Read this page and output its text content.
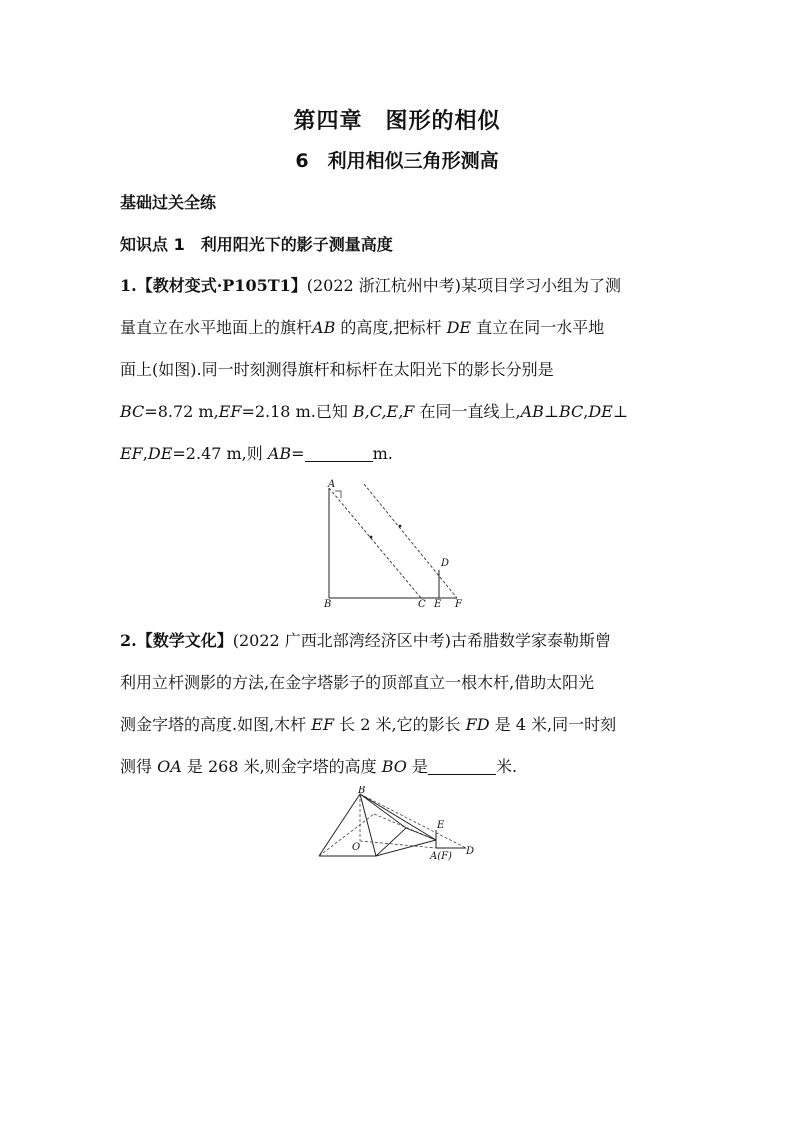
第四章　图形的相似
6　利用相似三角形测高
基础过关全练
知识点 1　利用阳光下的影子测量高度
1.【教材变式·P105T1】(2022 浙江杭州中考)某项目学习小组为了测
量直立在水平地面上的旗杆AB 的高度,把标杆 DE 直立在同一水平地
面上(如图).同一时刻测得旗杆和标杆在太阳光下的影长分别是
BC=8.72 m,EF=2.18 m.已知 B,C,E,F 在同一直线上,AB⊥BC,DE⊥
EF,DE=2.47 m,则 AB=	m.
A
B	C
D
E F
2.【数学文化】(2022 广西北部湾经济区中考)古希腊数学家泰勒斯曾
利用立杆测影的方法,在金字塔影子的顶部直立一根木杆,借助太阳光
测金字塔的高度.如图,木杆 EF 长 2 米,它的影长 FD 是 4 米,同一时刻
测得 OA 是 268 米,则金字塔的高度 BO 是	米.
B
O
E
A(F) D
